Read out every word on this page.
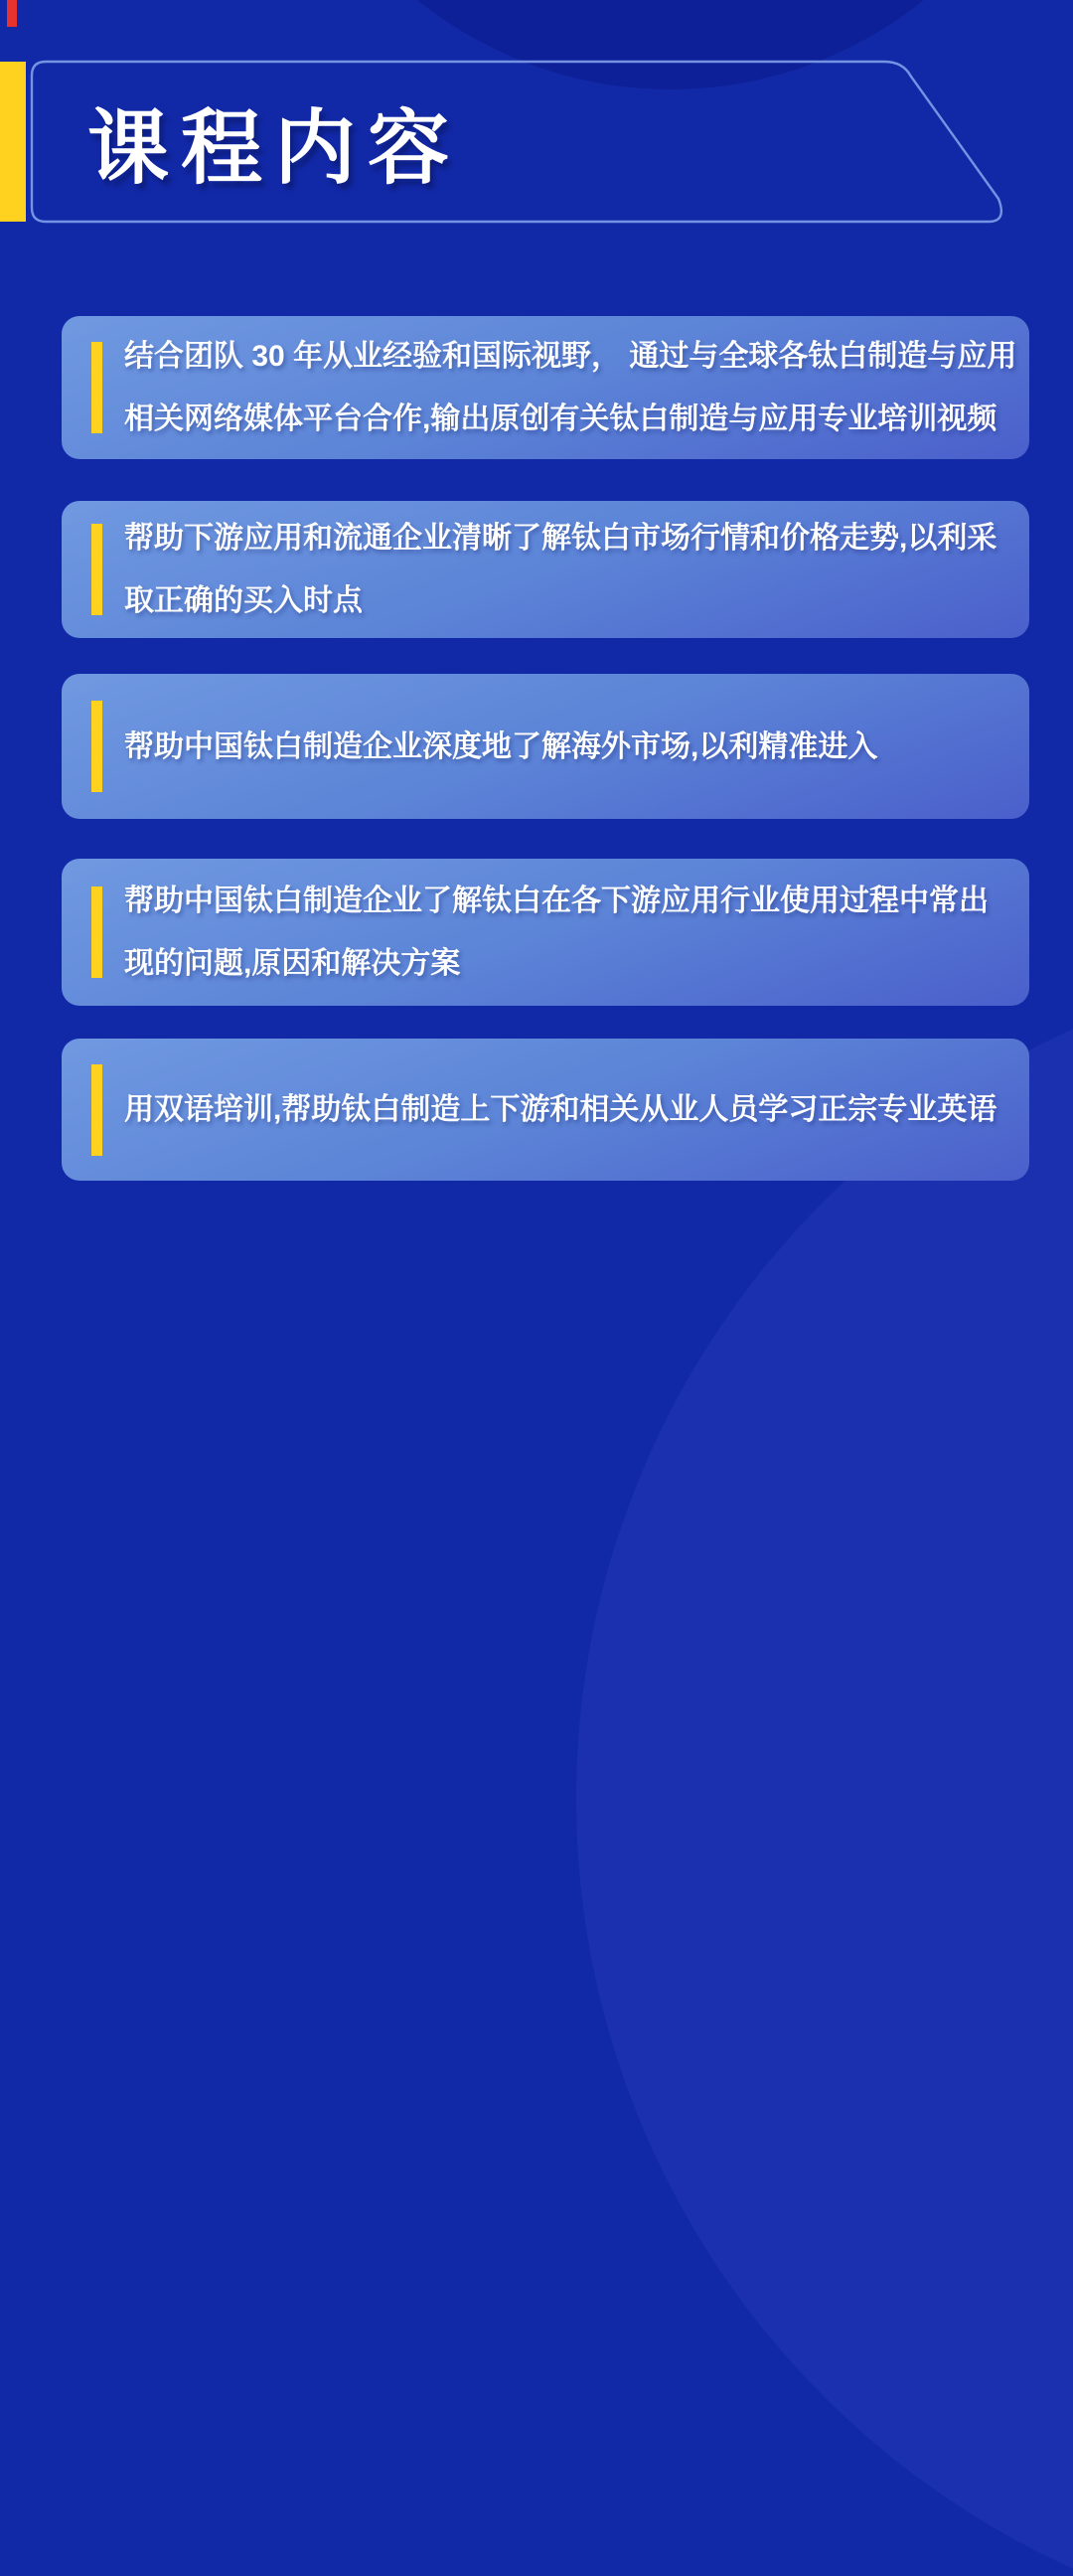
课程内容
结合团队 30 年从业经验和国际视野， 通过与全球各钛白制造与应用
相关网络媒体平台合作,输出原创有关钛白制造与应用专业培训视频
帮助下游应用和流通企业清晰了解钛白市场行情和价格走势,以利采
取正确的买入时点
帮助中国钛白制造企业深度地了解海外市场,以利精准进入
帮助中国钛白制造企业了解钛白在各下游应用行业使用过程中常出
现的问题,原因和解决方案
用双语培训,帮助钛白制造上下游和相关从业人员学习正宗专业英语
